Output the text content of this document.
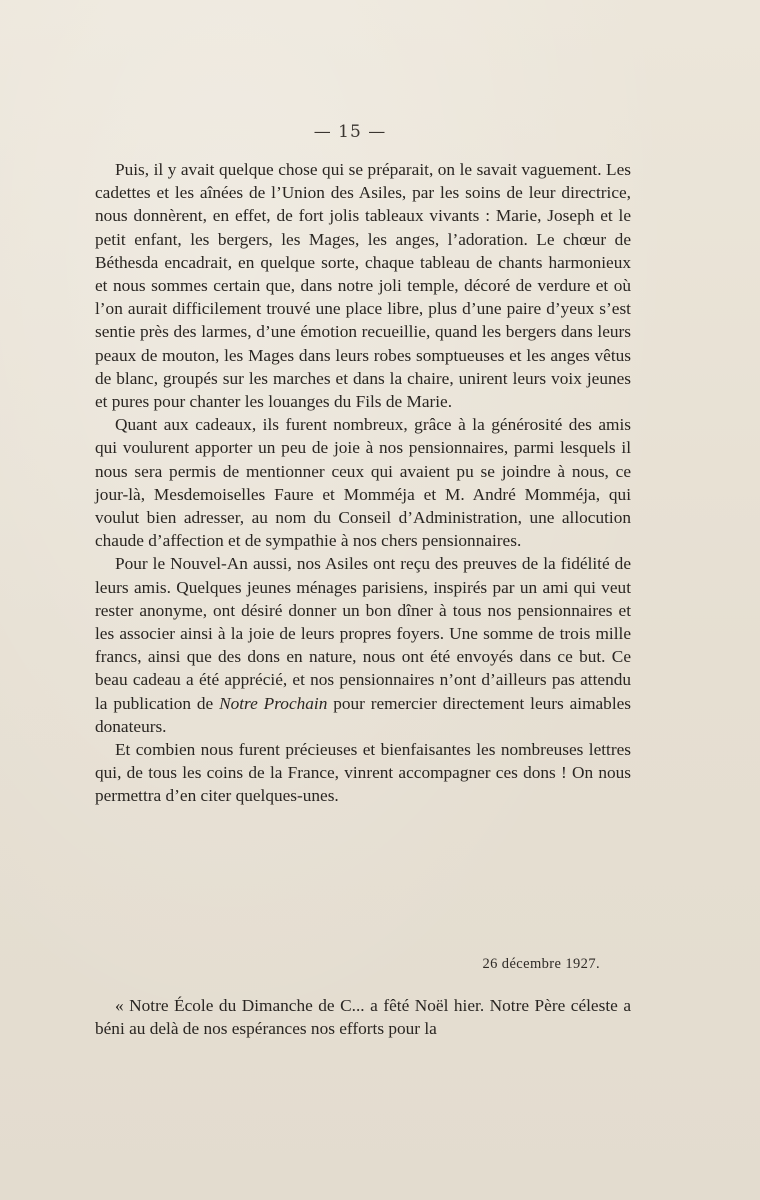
— 15 —

Puis, il y avait quelque chose qui se préparait, on le savait vaguement. Les cadettes et les aînées de l’Union des Asiles, par les soins de leur directrice, nous donnèrent, en effet, de fort jolis tableaux vivants : Marie, Joseph et le petit enfant, les bergers, les Mages, les anges, l’adoration. Le chœur de Béthesda encadrait, en quelque sorte, chaque tableau de chants harmonieux et nous sommes certain que, dans notre joli temple, décoré de verdure et où l’on aurait difficilement trouvé une place libre, plus d’une paire d’yeux s’est sentie près des larmes, d’une émotion recueillie, quand les bergers dans leurs peaux de mouton, les Mages dans leurs robes somptueuses et les anges vêtus de blanc, groupés sur les marches et dans la chaire, unirent leurs voix jeunes et pures pour chanter les louanges du Fils de Marie.

Quant aux cadeaux, ils furent nombreux, grâce à la générosité des amis qui voulurent apporter un peu de joie à nos pensionnaires, parmi lesquels il nous sera permis de mentionner ceux qui avaient pu se joindre à nous, ce jour-là, Mesdemoiselles Faure et Momméja et M. André Momméja, qui voulut bien adresser, au nom du Conseil d’Administration, une allocution chaude d’affection et de sympathie à nos chers pensionnaires.

Pour le Nouvel-An aussi, nos Asiles ont reçu des preuves de la fidélité de leurs amis. Quelques jeunes ménages parisiens, inspirés par un ami qui veut rester anonyme, ont désiré donner un bon dîner à tous nos pensionnaires et les associer ainsi à la joie de leurs propres foyers. Une somme de trois mille francs, ainsi que des dons en nature, nous ont été envoyés dans ce but. Ce beau cadeau a été apprécié, et nos pensionnaires n’ont d’ailleurs pas attendu la publication de Notre Prochain pour remercier directement leurs aimables donateurs.

Et combien nous furent précieuses et bienfaisantes les nombreuses lettres qui, de tous les coins de la France, vinrent accompagner ces dons ! On nous permettra d’en citer quelques-unes.

26 décembre 1927.

« Notre École du Dimanche de C... a fêté Noël hier. Notre Père céleste a béni au delà de nos espérances nos efforts pour la
